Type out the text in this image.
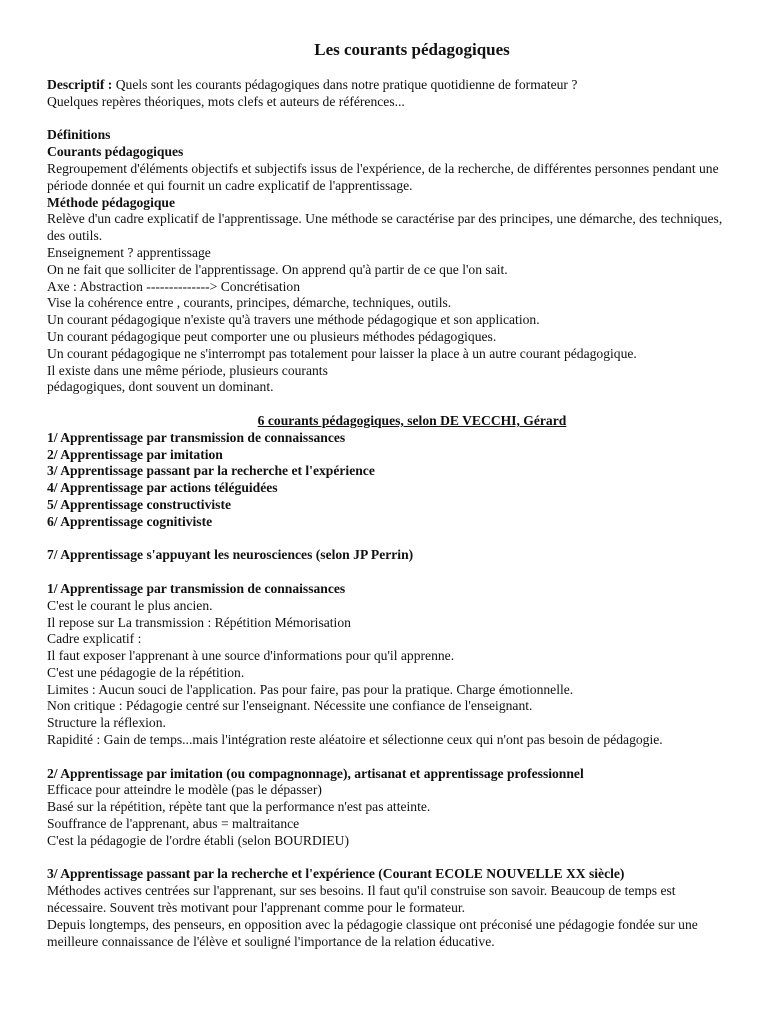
Les courants pédagogiques

Descriptif : Quels sont les courants pédagogiques dans notre pratique quotidienne de formateur ?

Quelques repères théoriques, mots clefs et auteurs de références...

Définitions

Courants pédagogiques

Regroupement d'éléments objectifs et subjectifs issus de l'expérience, de la recherche, de différentes personnes pendant une période donnée et qui fournit un cadre explicatif de l'apprentissage.

Méthode pédagogique

Relève d'un cadre explicatif de l'apprentissage. Une méthode se caractérise par des principes, une démarche, des techniques, des outils.

Enseignement ? apprentissage

On ne fait que solliciter de l'apprentissage. On apprend qu'à partir de ce que l'on sait.

Axe : Abstraction --------------> Concrétisation

Vise la cohérence entre , courants, principes, démarche, techniques, outils.

Un courant pédagogique n'existe qu'à travers une méthode pédagogique et son application.

Un courant pédagogique peut comporter une ou plusieurs méthodes pédagogiques.

Un courant pédagogique ne s'interrompt pas totalement pour laisser la place à un autre courant pédagogique.

Il existe dans une même période, plusieurs courants

pédagogiques, dont souvent un dominant.

6 courants pédagogiques, selon DE VECCHI, Gérard

1/ Apprentissage par transmission de connaissances

2/ Apprentissage par imitation

3/ Apprentissage passant par la recherche et l'expérience

4/ Apprentissage par actions téléguidées

5/ Apprentissage constructiviste

6/ Apprentissage cognitiviste

7/ Apprentissage s'appuyant les neurosciences (selon JP Perrin)

1/ Apprentissage par transmission de connaissances

C'est le courant le plus ancien.

Il repose sur La transmission : Répétition Mémorisation

Cadre explicatif :

Il faut exposer l'apprenant à une source d'informations pour qu'il apprenne.

C'est une pédagogie de la répétition.

Limites : Aucun souci de l'application. Pas pour faire, pas pour la pratique. Charge émotionnelle.

Non critique : Pédagogie centré sur l'enseignant. Nécessite une confiance de l'enseignant.

Structure la réflexion.

Rapidité : Gain de temps...mais l'intégration reste aléatoire et sélectionne ceux qui n'ont pas besoin de pédagogie.

2/ Apprentissage par imitation (ou compagnonnage), artisanat et apprentissage professionnel

Efficace pour atteindre le modèle (pas le dépasser)

Basé sur la répétition, répète tant que la performance n'est pas atteinte.

Souffrance de l'apprenant, abus = maltraitance

C'est la pédagogie de l'ordre établi (selon BOURDIEU)

3/ Apprentissage passant par la recherche et l'expérience (Courant ECOLE NOUVELLE XX siècle)

Méthodes actives centrées sur l'apprenant, sur ses besoins. Il faut qu'il construise son savoir. Beaucoup de temps est nécessaire. Souvent très motivant pour l'apprenant comme pour le formateur.

Depuis longtemps, des penseurs, en opposition avec la pédagogie classique ont préconisé une pédagogie fondée sur une meilleure connaissance de l'élève et souligné l'importance de la relation éducative.
